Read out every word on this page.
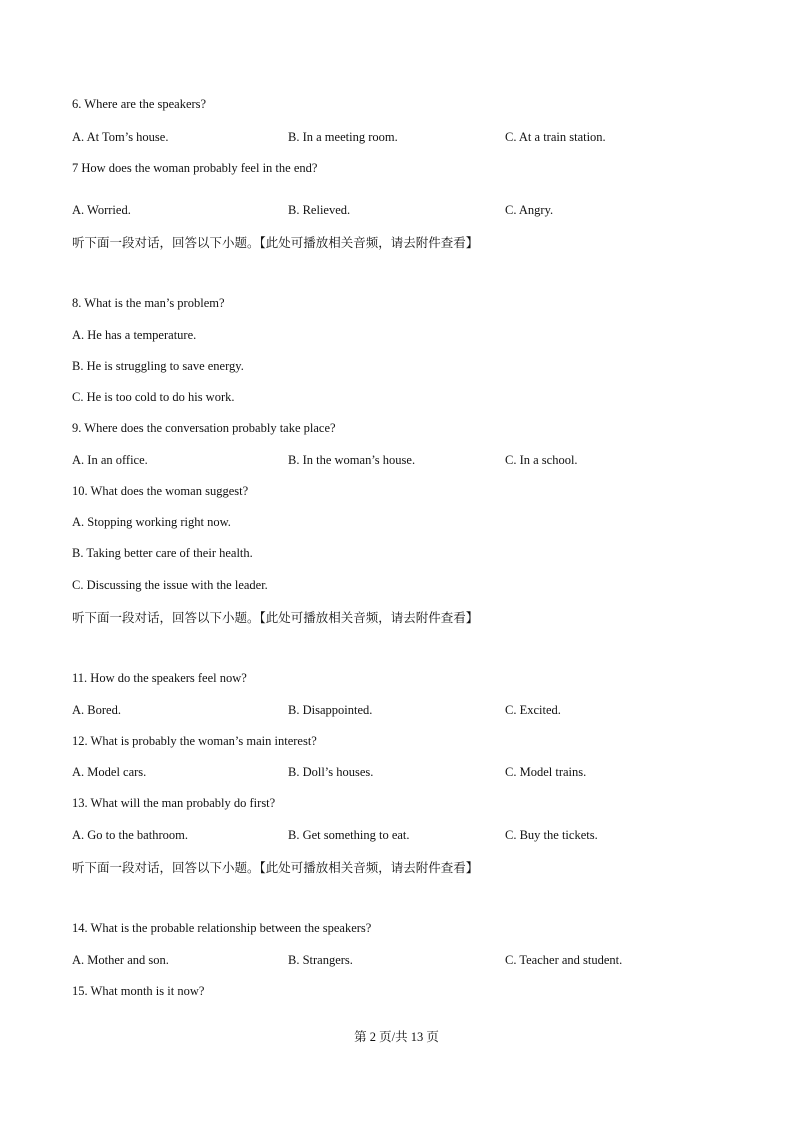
6. Where are the speakers?
A. At Tom’s house.	B. In a meeting room.	C. At a train station.
7 How does the woman probably feel in the end?
A. Worried.	B. Relieved.	C. Angry.
听下面一段对话，回答以下小题。【此处可播放相关音频，请去附件查看】
8. What is the man’s problem?
A. He has a temperature.
B. He is struggling to save energy.
C. He is too cold to do his work.
9. Where does the conversation probably take place?
A. In an office.	B. In the woman’s house.	C. In a school.
10. What does the woman suggest?
A. Stopping working right now.
B. Taking better care of their health.
C. Discussing the issue with the leader.
听下面一段对话，回答以下小题。【此处可播放相关音频，请去附件查看】
11. How do the speakers feel now?
A. Bored.	B. Disappointed.	C. Excited.
12. What is probably the woman’s main interest?
A. Model cars.	B. Doll’s houses.	C. Model trains.
13. What will the man probably do first?
A. Go to the bathroom.	B. Get something to eat.	C. Buy the tickets.
听下面一段对话，回答以下小题。【此处可播放相关音频，请去附件查看】
14. What is the probable relationship between the speakers?
A. Mother and son.	B. Strangers.	C. Teacher and student.
15. What month is it now?
第 2 页/共 13 页
